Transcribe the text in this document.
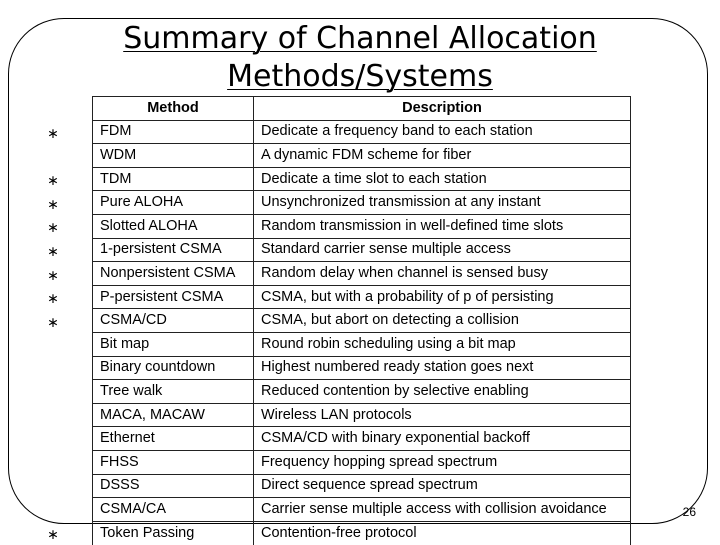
Summary of Channel Allocation
Methods/Systems
Method	Description
FDM	Dedicate a frequency band to each station
WDM	A dynamic FDM scheme for fiber
TDM	Dedicate a time slot to each station
Pure ALOHA	Unsynchronized transmission at any instant
Slotted ALOHA	Random transmission in well-defined time slots
1-persistent CSMA	Standard carrier sense multiple access
Nonpersistent CSMA	Random delay when channel is sensed busy
P-persistent CSMA	CSMA, but with a probability of p of persisting
CSMA/CD	CSMA, but abort on detecting a collision
Bit map	Round robin scheduling using a bit map
Binary countdown	Highest numbered ready station goes next
Tree walk	Reduced contention by selective enabling
MACA, MACAW	Wireless LAN protocols
Ethernet	CSMA/CD with binary exponential backoff
FHSS	Frequency hopping spread spectrum
DSSS	Direct sequence spread spectrum
CSMA/CA	Carrier sense multiple access with collision avoidance
Token Passing	Contention-free protocol
∗
∗
∗
∗
∗
∗
∗
∗
∗
26
